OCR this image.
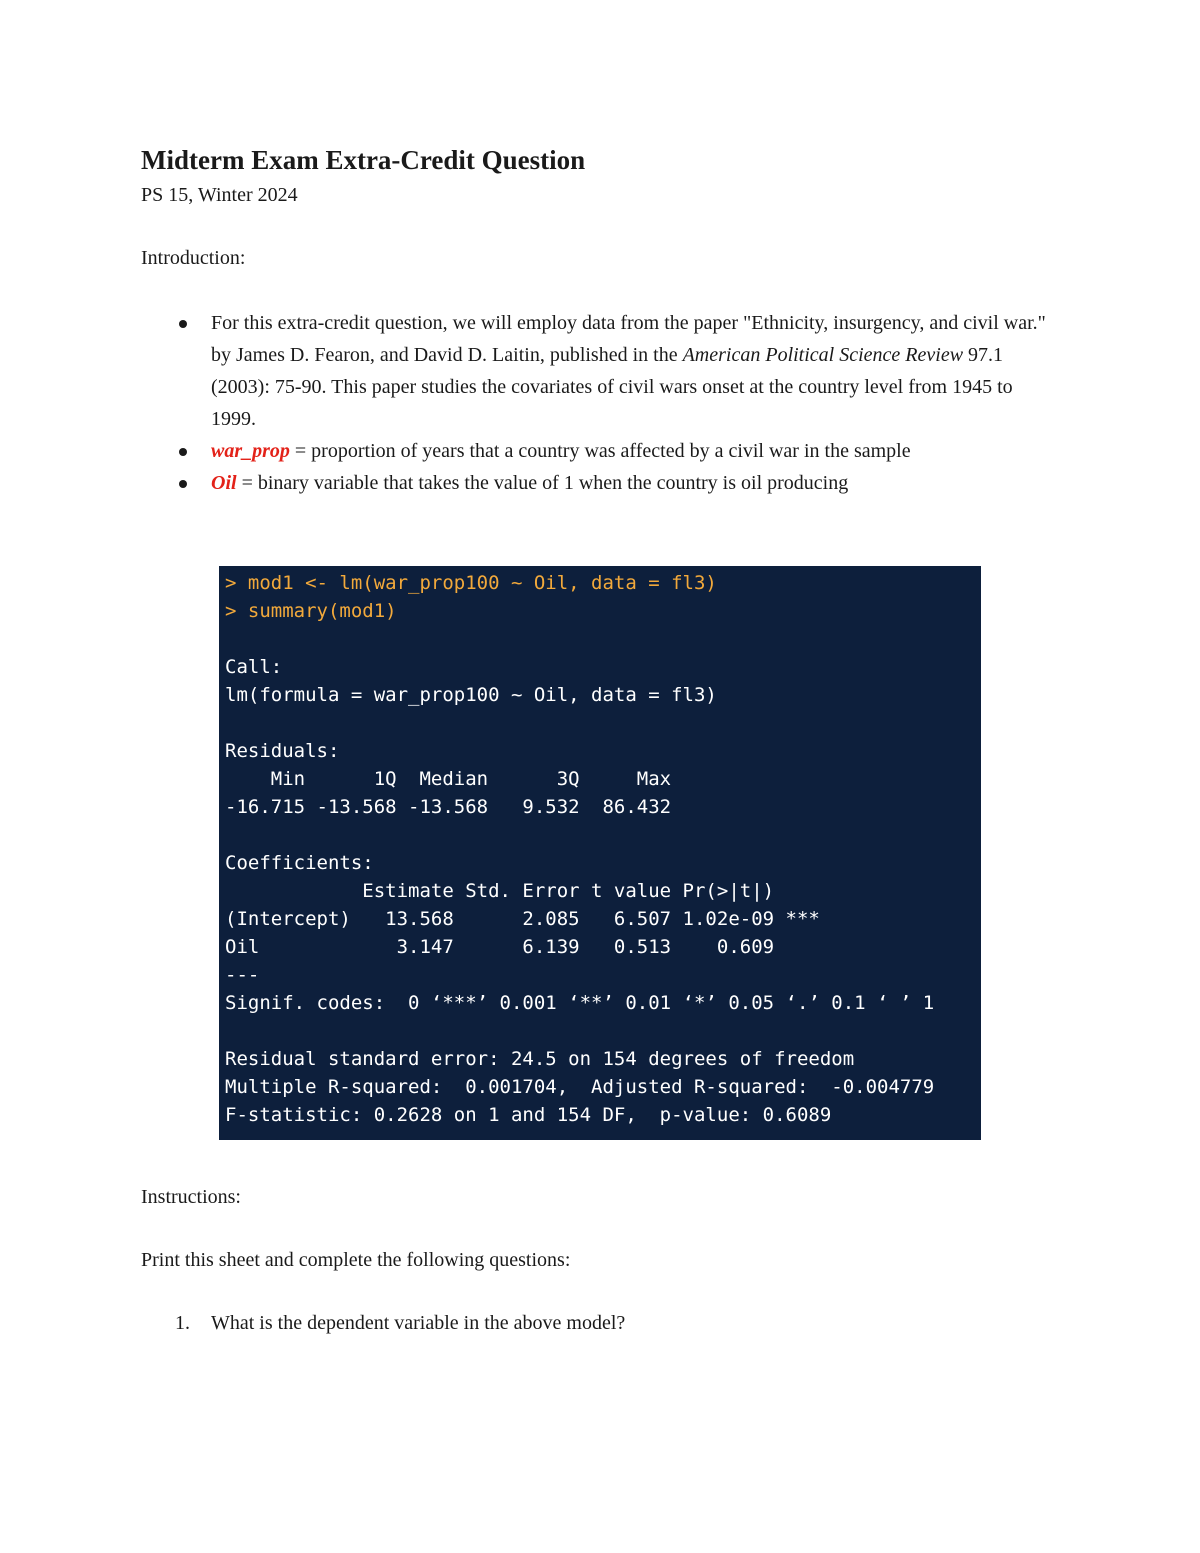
Midterm Exam Extra-Credit Question

PS 15, Winter 2024

Introduction:

For this extra-credit question, we will employ data from the paper "Ethnicity, insurgency, and civil war." by James D. Fearon, and David D. Laitin, published in the American Political Science Review 97.1 (2003): 75-90. This paper studies the covariates of civil wars onset at the country level from 1945 to 1999.
war_prop = proportion of years that a country was affected by a civil war in the sample
Oil = binary variable that takes the value of 1 when the country is oil producing
> mod1 <- lm(war_prop100 ~ Oil, data = fl3)
> summary(mod1)
Call:
lm(formula = war_prop100 ~ Oil, data = fl3)
Residuals:
Min      1Q  Median      3Q     Max
-16.715 -13.568 -13.568   9.532  86.432
Coefficients:
Estimate Std. Error t value Pr(>|t|)
(Intercept)   13.568      2.085   6.507 1.02e-09 ***
Oil            3.147      6.139   0.513    0.609
---
Signif. codes:  0 ‘***’ 0.001 ‘**’ 0.01 ‘*’ 0.05 ‘.’ 0.1 ‘ ’ 1
Residual standard error: 24.5 on 154 degrees of freedom
Multiple R-squared:  0.001704,	Adjusted R-squared:  -0.004779
F-statistic: 0.2628 on 1 and 154 DF,  p-value: 0.6089

Instructions:

Print this sheet and complete the following questions:

1. What is the dependent variable in the above model?
